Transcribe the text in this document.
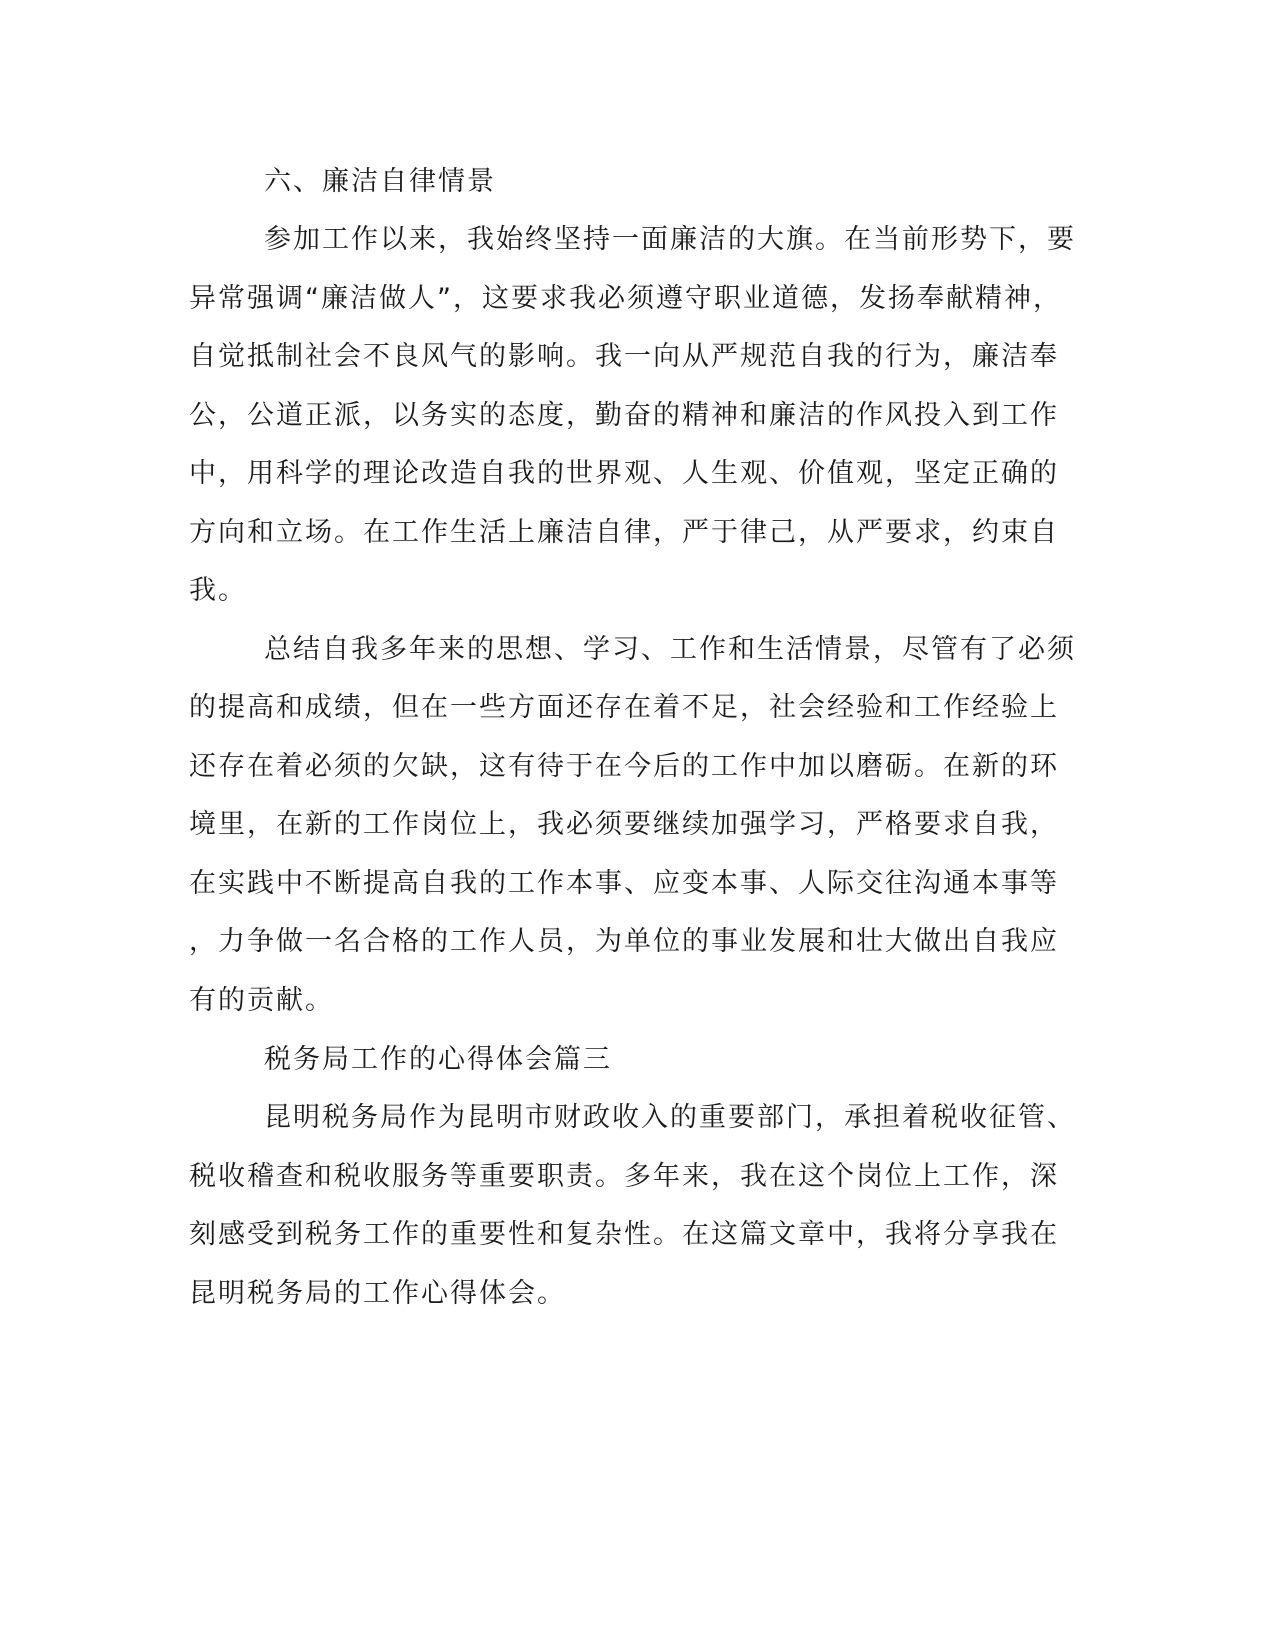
六、廉洁自律情景
参加工作以来，我始终坚持一面廉洁的大旗。在当前形势下，要
异常强调“廉洁做人”，这要求我必须遵守职业道德，发扬奉献精神，
自觉抵制社会不良风气的影响。我一向从严规范自我的行为，廉洁奉
公，公道正派，以务实的态度，勤奋的精神和廉洁的作风投入到工作
中，用科学的理论改造自我的世界观、人生观、价值观，坚定正确的
方向和立场。在工作生活上廉洁自律，严于律己，从严要求，约束自
我。
总结自我多年来的思想、学习、工作和生活情景，尽管有了必须
的提高和成绩，但在一些方面还存在着不足，社会经验和工作经验上
还存在着必须的欠缺，这有待于在今后的工作中加以磨砺。在新的环
境里，在新的工作岗位上，我必须要继续加强学习，严格要求自我，
在实践中不断提高自我的工作本事、应变本事、人际交往沟通本事等
，力争做一名合格的工作人员，为单位的事业发展和壮大做出自我应
有的贡献。
税务局工作的心得体会篇三
昆明税务局作为昆明市财政收入的重要部门，承担着税收征管、
税收稽查和税收服务等重要职责。多年来，我在这个岗位上工作，深
刻感受到税务工作的重要性和复杂性。在这篇文章中，我将分享我在
昆明税务局的工作心得体会。
